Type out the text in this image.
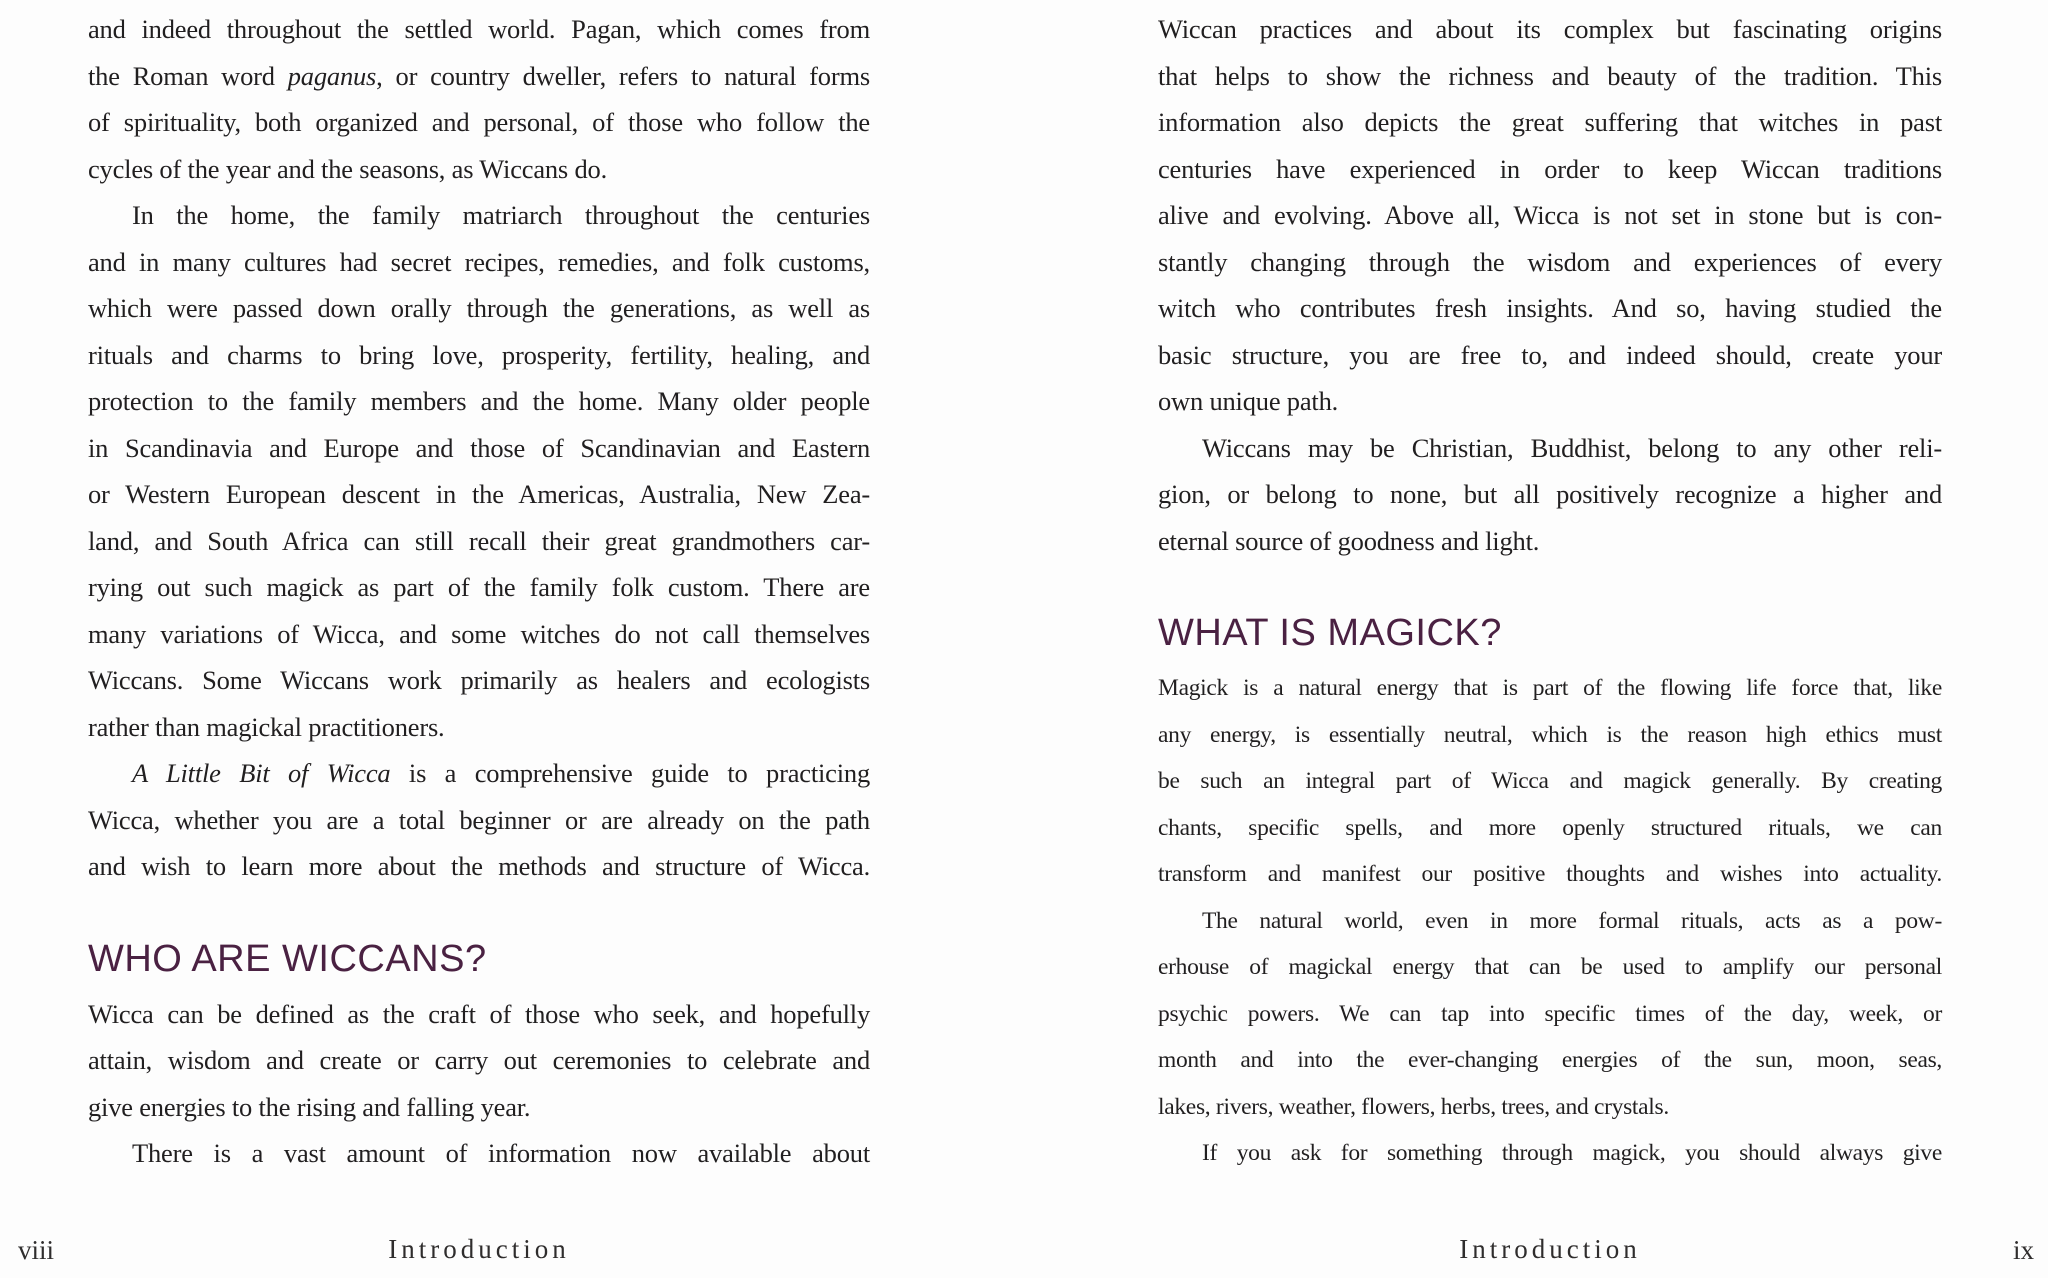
and indeed throughout the settled world. Pagan, which comes from
the Roman word paganus, or country dweller, refers to natural forms
of spirituality, both organized and personal, of those who follow the
cycles of the year and the seasons, as Wiccans do.
In the home, the family matriarch throughout the centuries
and in many cultures had secret recipes, remedies, and folk customs,
which were passed down orally through the generations, as well as
rituals and charms to bring love, prosperity, fertility, healing, and
protection to the family members and the home. Many older people
in Scandinavia and Europe and those of Scandinavian and Eastern
or Western European descent in the Americas, Australia, New Zea-
land, and South Africa can still recall their great grandmothers car-
rying out such magick as part of the family folk custom. There are
many variations of Wicca, and some witches do not call themselves
Wiccans. Some Wiccans work primarily as healers and ecologists
rather than magickal practitioners.
A Little Bit of Wicca is a comprehensive guide to practicing
Wicca, whether you are a total beginner or are already on the path
and wish to learn more about the methods and structure of Wicca.
WHO ARE WICCANS?
Wicca can be defined as the craft of those who seek, and hopefully
attain, wisdom and create or carry out ceremonies to celebrate and
give energies to the rising and falling year.
There is a vast amount of information now available about
Wiccan practices and about its complex but fascinating origins
that helps to show the richness and beauty of the tradition. This
information also depicts the great suffering that witches in past
centuries have experienced in order to keep Wiccan traditions
alive and evolving. Above all, Wicca is not set in stone but is con-
stantly changing through the wisdom and experiences of every
witch who contributes fresh insights. And so, having studied the
basic structure, you are free to, and indeed should, create your
own unique path.
Wiccans may be Christian, Buddhist, belong to any other reli-
gion, or belong to none, but all positively recognize a higher and
eternal source of goodness and light.
WHAT IS MAGICK?
Magick is a natural energy that is part of the flowing life force that, like
any energy, is essentially neutral, which is the reason high ethics must
be such an integral part of Wicca and magick generally. By creating
chants, specific spells, and more openly structured rituals, we can
transform and manifest our positive thoughts and wishes into actuality.
The natural world, even in more formal rituals, acts as a pow-
erhouse of magickal energy that can be used to amplify our personal
psychic powers. We can tap into specific times of the day, week, or
month and into the ever-changing energies of the sun, moon, seas,
lakes, rivers, weather, flowers, herbs, trees, and crystals.
If you ask for something through magick, you should always give
viii	Introduction	Introduction	ix
